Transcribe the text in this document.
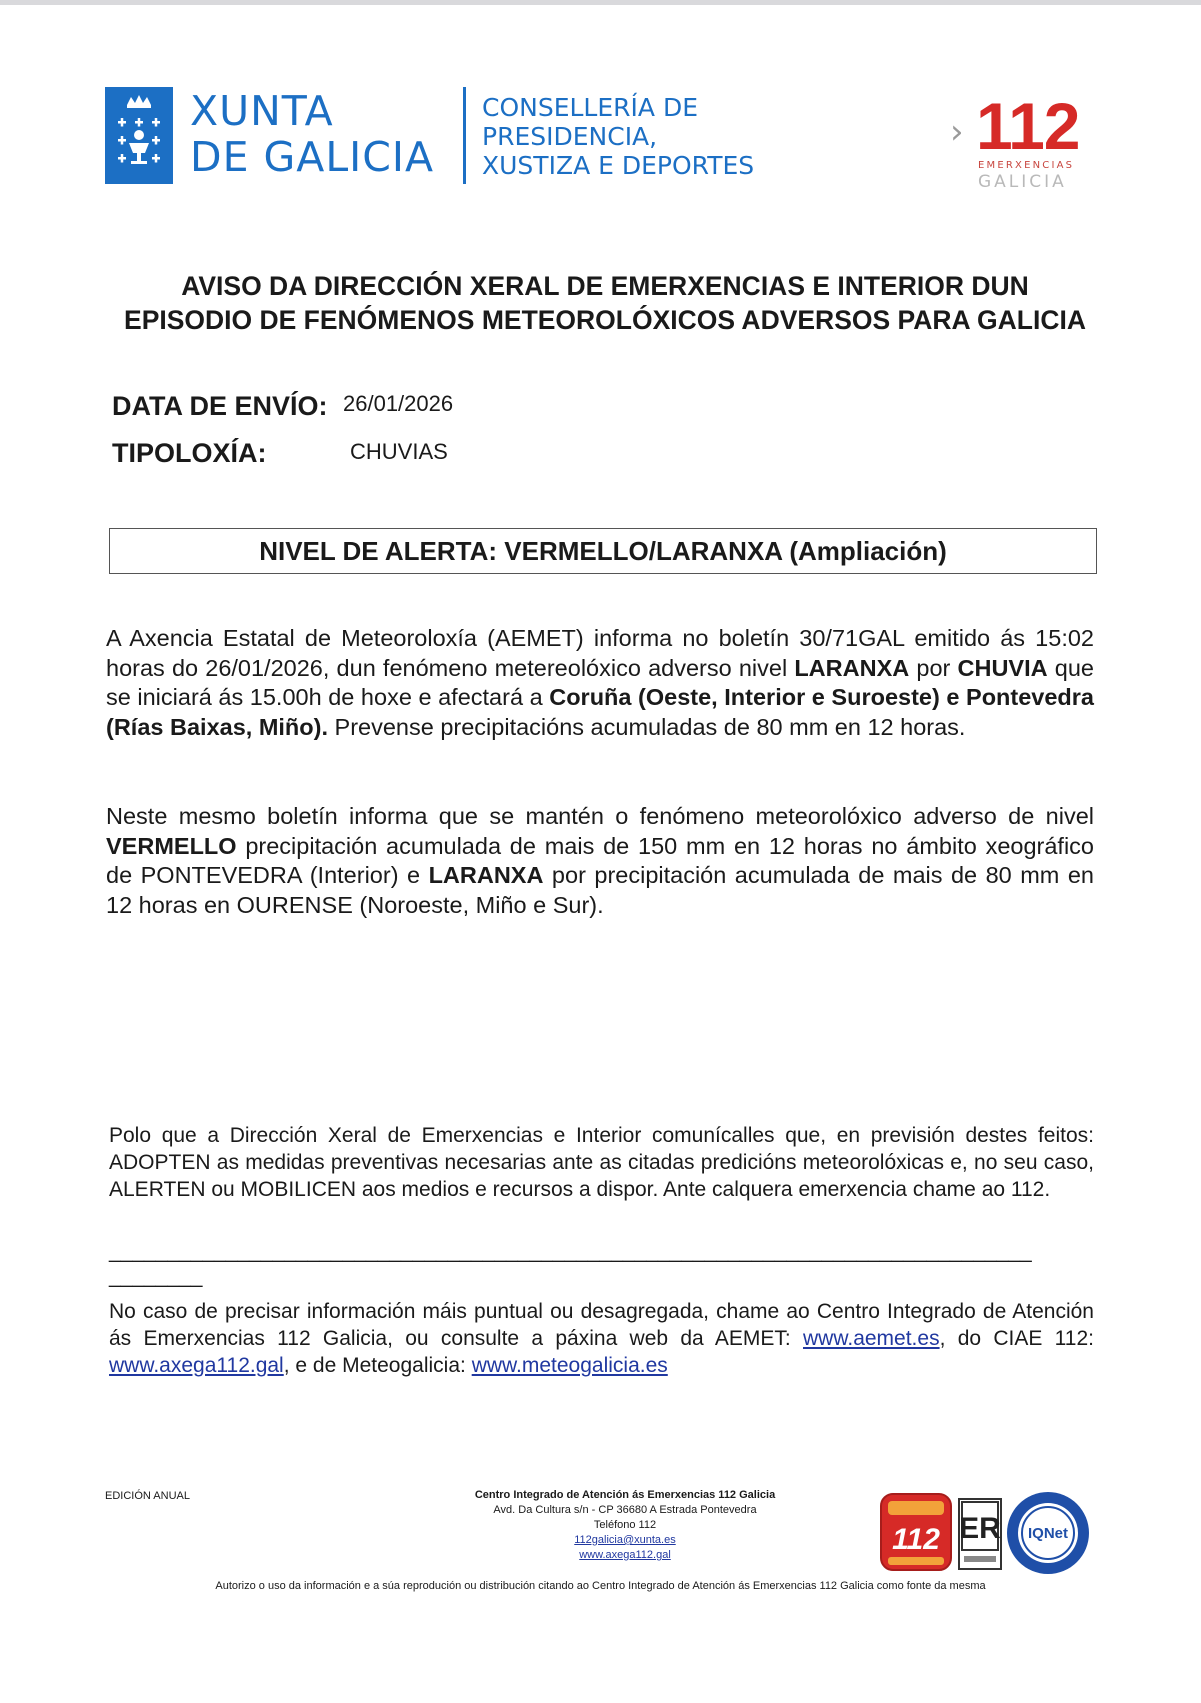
XUNTA
DE GALICIA
CONSELLERÍA DE
PRESIDENCIA,
XUSTIZA E DEPORTES
› 112
EMERXENCIAS
GALICIA
AVISO DA DIRECCIÓN XERAL DE EMERXENCIAS E INTERIOR DUN
EPISODIO DE FENÓMENOS METEOROLÓXICOS ADVERSOS PARA GALICIA
DATA DE ENVÍO: 26/01/2026
TIPOLOXÍA:	CHUVIAS
NIVEL DE ALERTA: VERMELLO/LARANXA (Ampliación)
A Axencia Estatal de Meteoroloxía (AEMET) informa no boletín 30/71GAL emitido ás 15:02 horas do 26/01/2026, dun fenómeno metereolóxico adverso nivel LARANXA por CHUVIA que se iniciará ás 15.00h de hoxe e afectará a Coruña (Oeste, Interior e Suroeste) e Pontevedra (Rías Baixas, Miño). Prevense precipitacións acumuladas de 80 mm en 12 horas.
Neste mesmo boletín informa que se mantén o fenómeno meteorolóxico adverso de nivel VERMELLO precipitación acumulada de mais de 150 mm en 12 horas no ámbito xeográfico de PONTEVEDRA (Interior) e LARANXA por precipitación acumulada de mais de 80 mm en 12 horas en OURENSE (Noroeste, Miño e Sur).
Polo que a Dirección Xeral de Emerxencias e Interior comunícalles que, en previsión destes feitos: ADOPTEN as medidas preventivas necesarias ante as citadas predicións meteorolóxicas e, no seu caso, ALERTEN ou MOBILICEN aos medios e recursos a dispor. Ante calquera emerxencia chame ao 112.
_______________________________________________________________________________
________
No caso de precisar información máis puntual ou desagregada, chame ao Centro Integrado de Atención ás Emerxencias 112 Galicia, ou consulte a páxina web da AEMET: www.aemet.es, do CIAE 112: www.axega112.gal, e de Meteogalicia: www.meteogalicia.es
EDICIÓN ANUAL	Centro Integrado de Atención ás Emerxencias 112 Galicia
Avd. Da Cultura s/n - CP 36680 A Estrada Pontevedra
Teléfono 112
112galicia@xunta.es
www.axega112.gal	112 ER IQNet
Autorizo o uso da información e a súa reprodución ou distribución citando ao Centro Integrado de Atención ás Emerxencias 112 Galicia como fonte da mesma
